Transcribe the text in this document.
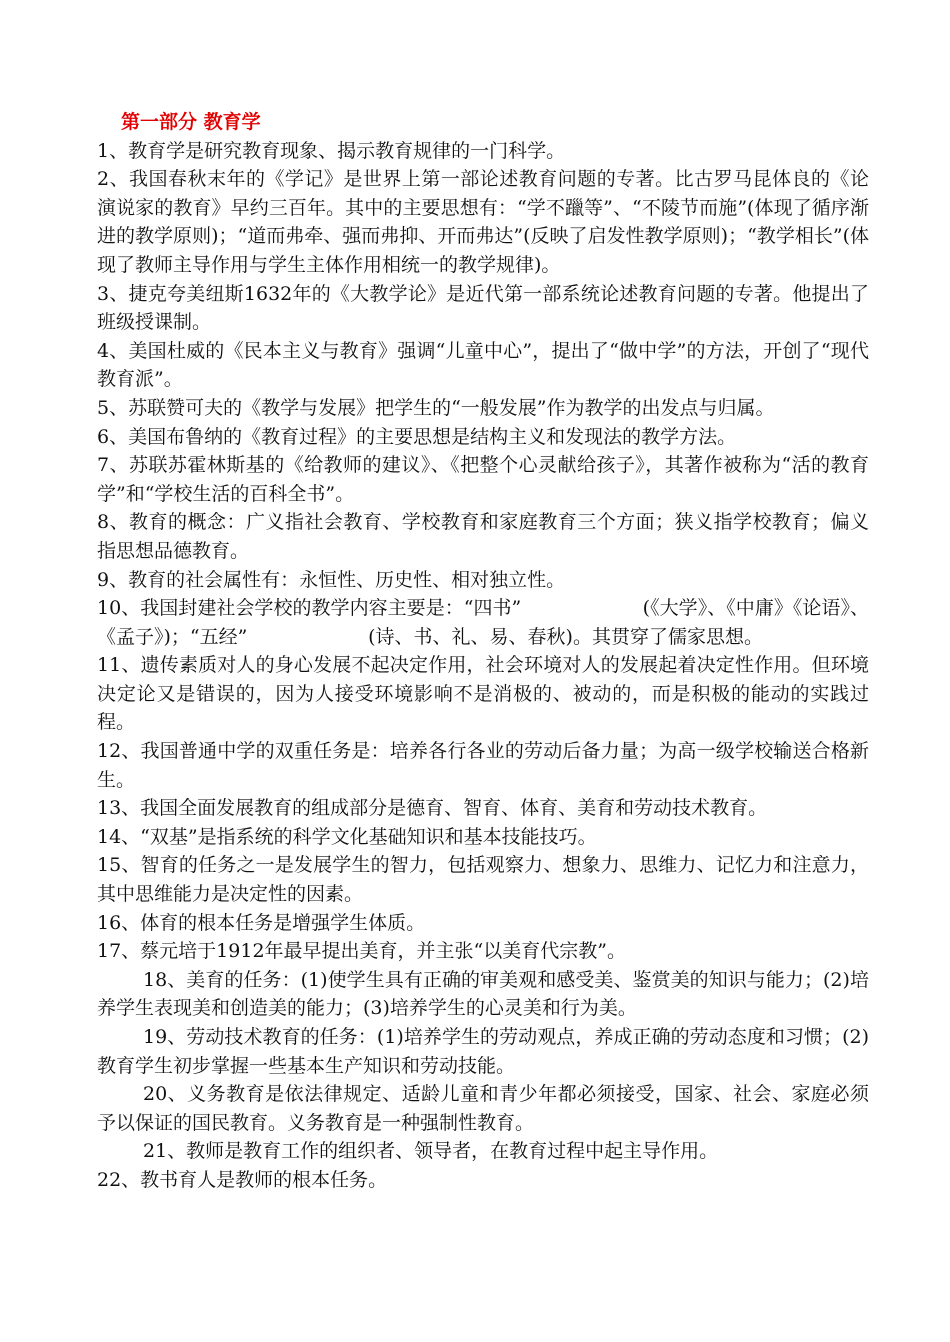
第一部分 教育学

1、教育学是研究教育现象、揭示教育规律的一门科学。

2、我国春秋末年的《学记》是世界上第一部论述教育问题的专著。比古罗马昆体良的《论演说家的教育》早约三百年。其中的主要思想有：“学不躐等”、“不陵节而施”(体现了循序渐进的教学原则)；“道而弗牵、强而弗抑、开而弗达”(反映了启发性教学原则)；“教学相长”(体现了教师主导作用与学生主体作用相统一的教学规律)。

3、捷克夸美纽斯1632年的《大教学论》是近代第一部系统论述教育问题的专著。他提出了班级授课制。

4、美国杜威的《民本主义与教育》强调“儿童中心”，提出了“做中学”的方法，开创了“现代教育派”。

5、苏联赞可夫的《教学与发展》把学生的“一般发展”作为教学的出发点与归属。

6、美国布鲁纳的《教育过程》的主要思想是结构主义和发现法的教学方法。

7、苏联苏霍林斯基的《给教师的建议》、《把整个心灵献给孩子》，其著作被称为“活的教育学”和“学校生活的百科全书”。

8、教育的概念：广义指社会教育、学校教育和家庭教育三个方面；狭义指学校教育；偏义指思想品德教育。

9、教育的社会属性有：永恒性、历史性、相对独立性。

10、我国封建社会学校的教学内容主要是：“四书”                    (《大学》、《中庸》《论语》、《孟子》)；“五经”                    (诗、书、礼、易、春秋)。其贯穿了儒家思想。

11、遗传素质对人的身心发展不起决定作用，社会环境对人的发展起着决定性作用。但环境决定论又是错误的，因为人接受环境影响不是消极的、被动的，而是积极的能动的实践过程。

12、我国普通中学的双重任务是：培养各行各业的劳动后备力量；为高一级学校输送合格新生。

13、我国全面发展教育的组成部分是德育、智育、体育、美育和劳动技术教育。

14、“双基”是指系统的科学文化基础知识和基本技能技巧。

15、智育的任务之一是发展学生的智力，包括观察力、想象力、思维力、记忆力和注意力，其中思维能力是决定性的因素。

16、体育的根本任务是增强学生体质。

17、蔡元培于1912年最早提出美育，并主张“以美育代宗教”。

18、美育的任务：(1)使学生具有正确的审美观和感受美、鉴赏美的知识与能力；(2)培养学生表现美和创造美的能力；(3)培养学生的心灵美和行为美。

19、劳动技术教育的任务：(1)培养学生的劳动观点，养成正确的劳动态度和习惯；(2)教育学生初步掌握一些基本生产知识和劳动技能。

20、义务教育是依法律规定、适龄儿童和青少年都必须接受，国家、社会、家庭必须予以保证的国民教育。义务教育是一种强制性教育。

21、教师是教育工作的组织者、领导者，在教育过程中起主导作用。

22、教书育人是教师的根本任务。
